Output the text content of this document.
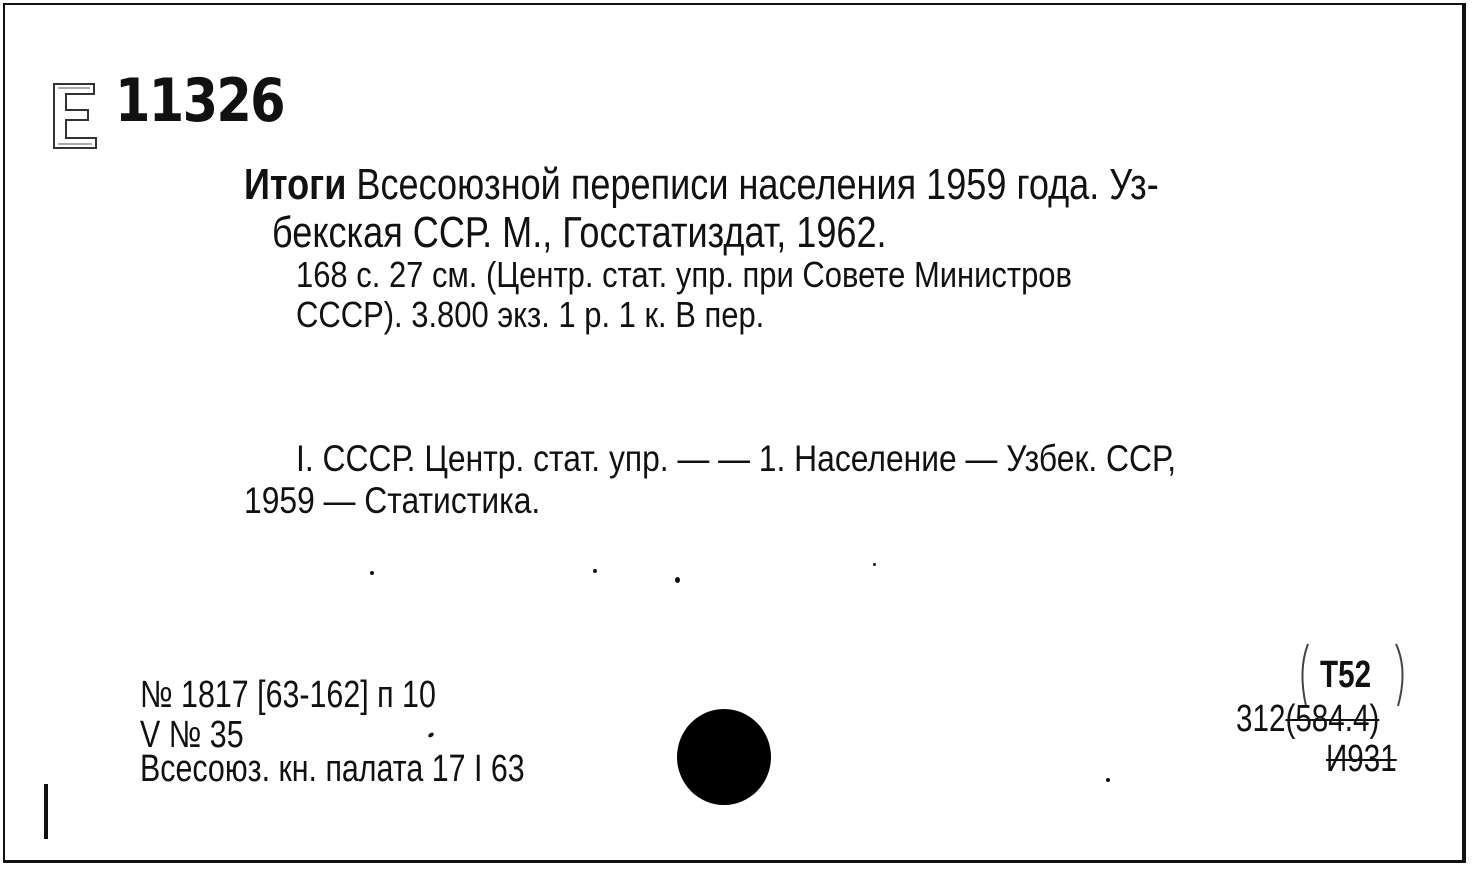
11326
Итоги Всесоюзной переписи населения 1959 года. Уз-
бекская ССР. М., Госстатиздат, 1962.
168 с. 27 см. (Центр. стат. упр. при Совете Министров
СССР). 3.800 экз. 1 р. 1 к. В пер.
I. СССР. Центр. стат. упр. — — 1. Население — Узбек. ССР,
1959 — Статистика.
№ 1817 [63-162] п 10
V № 35
Всесоюз. кн. палата 17 I 63
Т52
312(584.4)
И931
